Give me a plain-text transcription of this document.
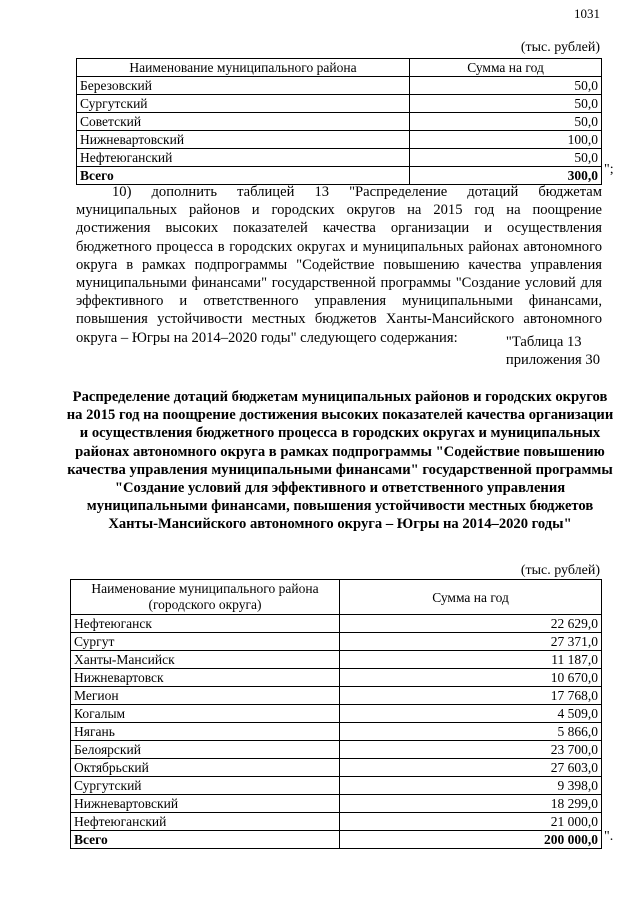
1031
(тыс. рублей)
Наименование муниципального района	Сумма на год
Березовский	50,0
Сургутский	50,0
Советский	50,0
Нижневартовский	100,0
Нефтеюганский	50,0
Всего	300,0 ";
10) дополнить таблицей 13 "Распределение дотаций бюджетам муниципальных районов и городских округов на 2015 год на поощрение достижения высоких показателей качества организации и осуществления бюджетного процесса в городских округах и муниципальных районах автономного округа в рамках подпрограммы "Содействие повышению качества управления муниципальными финансами" государственной программы "Создание условий для эффективного и ответственного управления муниципальными финансами, повышения устойчивости местных бюджетов Ханты-Мансийского автономного округа – Югры на 2014–2020 годы" следующего содержания:	"Таблица 13
приложения 30
Распределение дотаций бюджетам муниципальных районов и городских округов на 2015 год на поощрение достижения высоких показателей качества организации и осуществления бюджетного процесса в городских округах и муниципальных районах автономного округа в рамках подпрограммы "Содействие повышению качества управления муниципальными финансами" государственной программы "Создание условий для эффективного и ответственного управления муниципальными финансами, повышения устойчивости местных бюджетов Ханты-Мансийского автономного округа – Югры на 2014–2020 годы"
(тыс. рублей)
Наименование муниципального района (городского округа)	Сумма на год
Нефтеюганск	22 629,0
Сургут	27 371,0
Ханты-Мансийск	11 187,0
Нижневартовск	10 670,0
Мегион	17 768,0
Когалым	4 509,0
Нягань	5 866,0
Белоярский	23 700,0
Октябрьский	27 603,0
Сургутский	9 398,0
Нижневартовский	18 299,0
Нефтеюганский	21 000,0
Всего	200 000,0 ".
